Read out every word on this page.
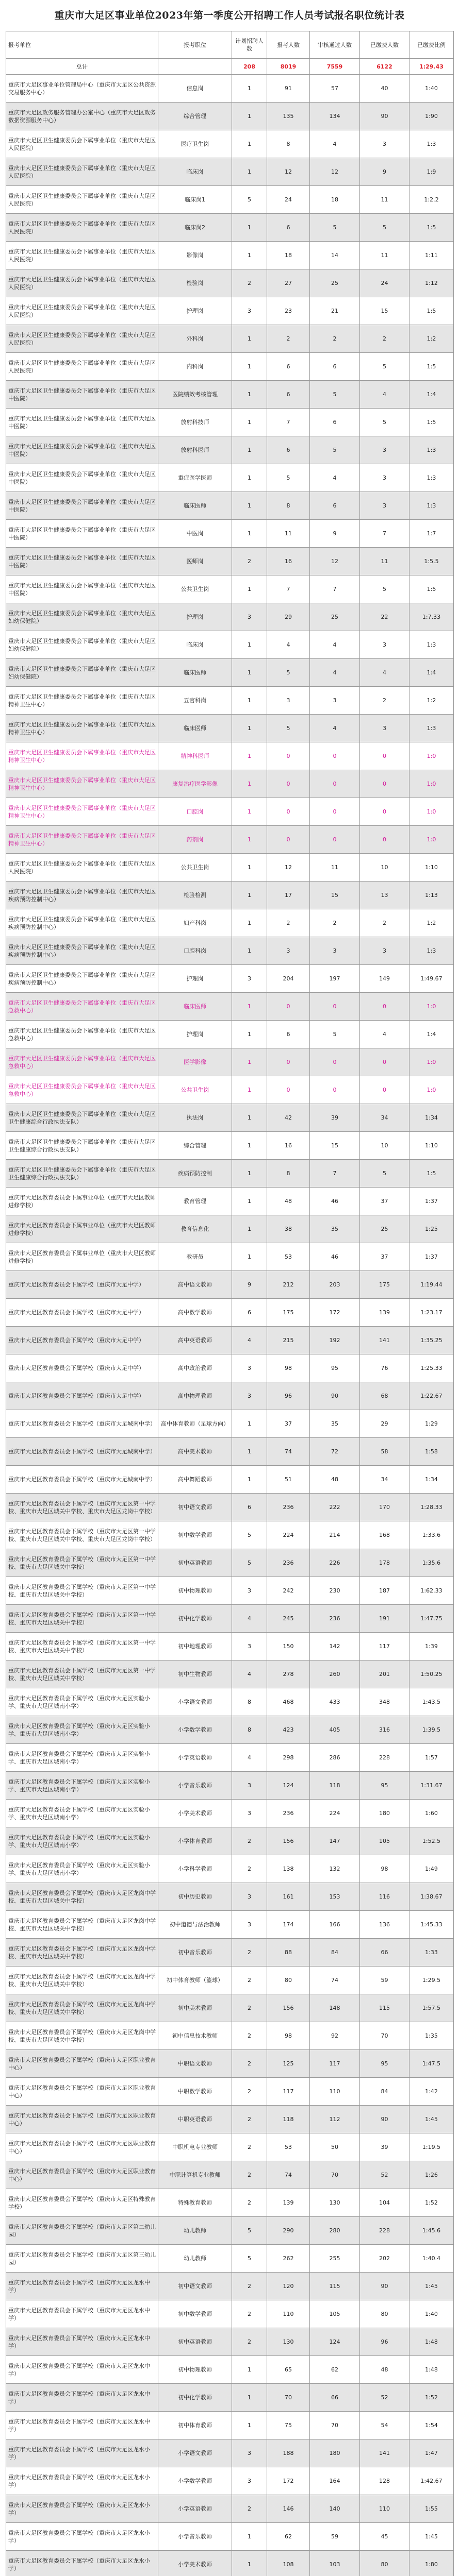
重庆市大足区事业单位2023年第一季度公开招聘工作人员考试报名职位统计表
报考单位	报考职位	计划招聘人数	报考人数	审核通过人数	已缴费人数	已缴费比例
总计		208	8019	7559	6122	1:29.43
重庆市大足区事业单位管理局中心（重庆市大足区公共资源交易服务中心）	信息岗	1	91	57	40	1:40
重庆市大足区政务服务管理办公室中心（重庆市大足区政务数据资源服务中心）	综合管理	1	135	134	90	1:90
重庆市大足区卫生健康委员会下属事业单位（重庆市大足区人民医院）	医疗卫生岗	1	8	4	3	1:3
重庆市大足区卫生健康委员会下属事业单位（重庆市大足区人民医院）	临床岗	1	12	12	9	1:9
重庆市大足区卫生健康委员会下属事业单位（重庆市大足区人民医院）	临床岗1	5	24	18	11	1:2.2
重庆市大足区卫生健康委员会下属事业单位（重庆市大足区人民医院）	临床岗2	1	6	5	5	1:5
重庆市大足区卫生健康委员会下属事业单位（重庆市大足区人民医院）	影像岗	1	18	14	11	1:11
重庆市大足区卫生健康委员会下属事业单位（重庆市大足区人民医院）	检验岗	2	27	25	24	1:12
重庆市大足区卫生健康委员会下属事业单位（重庆市大足区人民医院）	护理岗	3	23	21	15	1:5
重庆市大足区卫生健康委员会下属事业单位（重庆市大足区人民医院）	外科岗	1	2	2	2	1:2
重庆市大足区卫生健康委员会下属事业单位（重庆市大足区人民医院）	内科岗	1	6	6	5	1:5
重庆市大足区卫生健康委员会下属事业单位（重庆市大足区中医院）	医院绩效考核管理	1	6	5	4	1:4
重庆市大足区卫生健康委员会下属事业单位（重庆市大足区中医院）	放射科技师	1	7	6	5	1:5
重庆市大足区卫生健康委员会下属事业单位（重庆市大足区中医院）	放射科医师	1	6	5	3	1:3
重庆市大足区卫生健康委员会下属事业单位（重庆市大足区中医院）	重症医学医师	1	5	4	3	1:3
重庆市大足区卫生健康委员会下属事业单位（重庆市大足区中医院）	临床医师	1	8	6	3	1:3
重庆市大足区卫生健康委员会下属事业单位（重庆市大足区中医院）	中医岗	1	11	9	7	1:7
重庆市大足区卫生健康委员会下属事业单位（重庆市大足区中医院）	医师岗	2	16	12	11	1:5.5
重庆市大足区卫生健康委员会下属事业单位（重庆市大足区中医院）	公共卫生岗	1	7	7	5	1:5
重庆市大足区卫生健康委员会下属事业单位（重庆市大足区妇幼保健院）	护理岗	3	29	25	22	1:7.33
重庆市大足区卫生健康委员会下属事业单位（重庆市大足区妇幼保健院）	临床岗	1	4	4	3	1:3
重庆市大足区卫生健康委员会下属事业单位（重庆市大足区妇幼保健院）	临床医师	1	5	4	4	1:4
重庆市大足区卫生健康委员会下属事业单位（重庆市大足区精神卫生中心）	五官科岗	1	3	3	2	1:2
重庆市大足区卫生健康委员会下属事业单位（重庆市大足区精神卫生中心）	临床医师	1	5	4	3	1:3
重庆市大足区卫生健康委员会下属事业单位（重庆市大足区精神卫生中心）	精神科医师	1	0	0	0	1:0
重庆市大足区卫生健康委员会下属事业单位（重庆市大足区精神卫生中心）	康复治疗医学影像	1	0	0	0	1:0
重庆市大足区卫生健康委员会下属事业单位（重庆市大足区精神卫生中心）	口腔岗	1	0	0	0	1:0
重庆市大足区卫生健康委员会下属事业单位（重庆市大足区精神卫生中心）	药剂岗	1	0	0	0	1:0
重庆市大足区卫生健康委员会下属事业单位（重庆市大足区人民医院）	公共卫生岗	1	12	11	10	1:10
重庆市大足区卫生健康委员会下属事业单位（重庆市大足区疾病预防控制中心）	检验检测	1	17	15	13	1:13
重庆市大足区卫生健康委员会下属事业单位（重庆市大足区疾病预防控制中心）	妇产科岗	1	2	2	2	1:2
重庆市大足区卫生健康委员会下属事业单位（重庆市大足区疾病预防控制中心）	口腔科岗	1	3	3	3	1:3
重庆市大足区卫生健康委员会下属事业单位（重庆市大足区疾病预防控制中心）	护理岗	3	204	197	149	1:49.67
重庆市大足区卫生健康委员会下属事业单位（重庆市大足区急救中心）	临床医师	1	0	0	0	1:0
重庆市大足区卫生健康委员会下属事业单位（重庆市大足区急救中心）	护理岗	1	6	5	4	1:4
重庆市大足区卫生健康委员会下属事业单位（重庆市大足区急救中心）	医学影像	1	0	0	0	1:0
重庆市大足区卫生健康委员会下属事业单位（重庆市大足区急救中心）	公共卫生岗	1	0	0	0	1:0
重庆市大足区卫生健康委员会下属事业单位（重庆市大足区卫生健康综合行政执法支队）	执法岗	1	42	39	34	1:34
重庆市大足区卫生健康委员会下属事业单位（重庆市大足区卫生健康综合行政执法支队）	综合管理	1	16	15	10	1:10
重庆市大足区卫生健康委员会下属事业单位（重庆市大足区卫生健康综合行政执法支队）	疾病预防控制	1	8	7	5	1:5
重庆市大足区教育委员会下属事业单位（重庆市大足区教师进修学校）	教育管理	1	48	46	37	1:37
重庆市大足区教育委员会下属事业单位（重庆市大足区教师进修学校）	教育信息化	1	38	35	25	1:25
重庆市大足区教育委员会下属事业单位（重庆市大足区教师进修学校）	教研员	1	53	46	37	1:37
重庆市大足区教育委员会下属学校（重庆市大足中学）	高中语文教师	9	212	203	175	1:19.44
重庆市大足区教育委员会下属学校（重庆市大足中学）	高中数学教师	6	175	172	139	1:23.17
重庆市大足区教育委员会下属学校（重庆市大足中学）	高中英语教师	4	215	192	141	1:35.25
重庆市大足区教育委员会下属学校（重庆市大足中学）	高中政治教师	3	98	95	76	1:25.33
重庆市大足区教育委员会下属学校（重庆市大足中学）	高中物理教师	3	96	90	68	1:22.67
重庆市大足区教育委员会下属学校（重庆市大足城南中学）	高中体育教师（足球方向）	1	37	35	29	1:29
重庆市大足区教育委员会下属学校（重庆市大足城南中学）	高中美术教师	1	74	72	58	1:58
重庆市大足区教育委员会下属学校（重庆市大足城南中学）	高中舞蹈教师	1	51	48	34	1:34
重庆市大足区教育委员会下属学校（重庆市大足区第一中学校、重庆市大足区城关中学校、重庆市大足区龙岗中学校）	初中语文教师	6	236	222	170	1:28.33
重庆市大足区教育委员会下属学校（重庆市大足区第一中学校、重庆市大足区城关中学校、重庆市大足区龙岗中学校）	初中数学教师	5	224	214	168	1:33.6
重庆市大足区教育委员会下属学校（重庆市大足区第一中学校、重庆市大足区城关中学校）	初中英语教师	5	236	226	178	1:35.6
重庆市大足区教育委员会下属学校（重庆市大足区第一中学校、重庆市大足区城关中学校）	初中物理教师	3	242	230	187	1:62.33
重庆市大足区教育委员会下属学校（重庆市大足区第一中学校、重庆市大足区城关中学校）	初中化学教师	4	245	236	191	1:47.75
重庆市大足区教育委员会下属学校（重庆市大足区第一中学校、重庆市大足区城关中学校）	初中地理教师	3	150	142	117	1:39
重庆市大足区教育委员会下属学校（重庆市大足区第一中学校、重庆市大足区城关中学校）	初中生物教师	4	278	260	201	1:50.25
重庆市大足区教育委员会下属学校（重庆市大足区实验小学、重庆市大足区城南小学）	小学语文教师	8	468	433	348	1:43.5
重庆市大足区教育委员会下属学校（重庆市大足区实验小学、重庆市大足区城南小学）	小学数学教师	8	423	405	316	1:39.5
重庆市大足区教育委员会下属学校（重庆市大足区实验小学、重庆市大足区城南小学）	小学英语教师	4	298	286	228	1:57
重庆市大足区教育委员会下属学校（重庆市大足区实验小学、重庆市大足区城南小学）	小学音乐教师	3	124	118	95	1:31.67
重庆市大足区教育委员会下属学校（重庆市大足区实验小学、重庆市大足区城南小学）	小学美术教师	3	236	224	180	1:60
重庆市大足区教育委员会下属学校（重庆市大足区实验小学、重庆市大足区城南小学）	小学体育教师	2	156	147	105	1:52.5
重庆市大足区教育委员会下属学校（重庆市大足区实验小学、重庆市大足区城南小学）	小学科学教师	2	138	132	98	1:49
重庆市大足区教育委员会下属学校（重庆市大足区龙岗中学校、重庆市大足区城关中学校）	初中历史教师	3	161	153	116	1:38.67
重庆市大足区教育委员会下属学校（重庆市大足区龙岗中学校、重庆市大足区城关中学校）	初中道德与法治教师	3	174	166	136	1:45.33
重庆市大足区教育委员会下属学校（重庆市大足区龙岗中学校、重庆市大足区城关中学校）	初中音乐教师	2	88	84	66	1:33
重庆市大足区教育委员会下属学校（重庆市大足区龙岗中学校、重庆市大足区城关中学校）	初中体育教师（篮球）	2	80	74	59	1:29.5
重庆市大足区教育委员会下属学校（重庆市大足区龙岗中学校、重庆市大足区城关中学校）	初中美术教师	2	156	148	115	1:57.5
重庆市大足区教育委员会下属学校（重庆市大足区龙岗中学校、重庆市大足区城关中学校）	初中信息技术教师	2	98	92	70	1:35
重庆市大足区教育委员会下属学校（重庆市大足区职业教育中心）	中职语文教师	2	125	117	95	1:47.5
重庆市大足区教育委员会下属学校（重庆市大足区职业教育中心）	中职数学教师	2	117	110	84	1:42
重庆市大足区教育委员会下属学校（重庆市大足区职业教育中心）	中职英语教师	2	118	112	90	1:45
重庆市大足区教育委员会下属学校（重庆市大足区职业教育中心）	中职机电专业教师	2	53	50	39	1:19.5
重庆市大足区教育委员会下属学校（重庆市大足区职业教育中心）	中职计算机专业教师	2	74	70	52	1:26
重庆市大足区教育委员会下属学校（重庆市大足区特殊教育学校）	特殊教育教师	2	139	130	104	1:52
重庆市大足区教育委员会下属学校（重庆市大足区第二幼儿园）	幼儿教师	5	290	280	228	1:45.6
重庆市大足区教育委员会下属学校（重庆市大足区第三幼儿园）	幼儿教师	5	262	255	202	1:40.4
重庆市大足区教育委员会下属学校（重庆市大足区龙水中学）	初中语文教师	2	120	115	90	1:45
重庆市大足区教育委员会下属学校（重庆市大足区龙水中学）	初中数学教师	2	110	105	80	1:40
重庆市大足区教育委员会下属学校（重庆市大足区龙水中学）	初中英语教师	2	130	124	96	1:48
重庆市大足区教育委员会下属学校（重庆市大足区龙水中学）	初中物理教师	1	65	62	48	1:48
重庆市大足区教育委员会下属学校（重庆市大足区龙水中学）	初中化学教师	1	70	66	52	1:52
重庆市大足区教育委员会下属学校（重庆市大足区龙水中学）	初中体育教师	1	75	70	54	1:54
重庆市大足区教育委员会下属学校（重庆市大足区龙水小学）	小学语文教师	3	188	180	141	1:47
重庆市大足区教育委员会下属学校（重庆市大足区龙水小学）	小学数学教师	3	172	164	128	1:42.67
重庆市大足区教育委员会下属学校（重庆市大足区龙水小学）	小学英语教师	2	146	140	110	1:55
重庆市大足区教育委员会下属学校（重庆市大足区龙水小学）	小学音乐教师	1	62	59	45	1:45
重庆市大足区教育委员会下属学校（重庆市大足区龙水小学）	小学美术教师	1	108	103	80	1:80
